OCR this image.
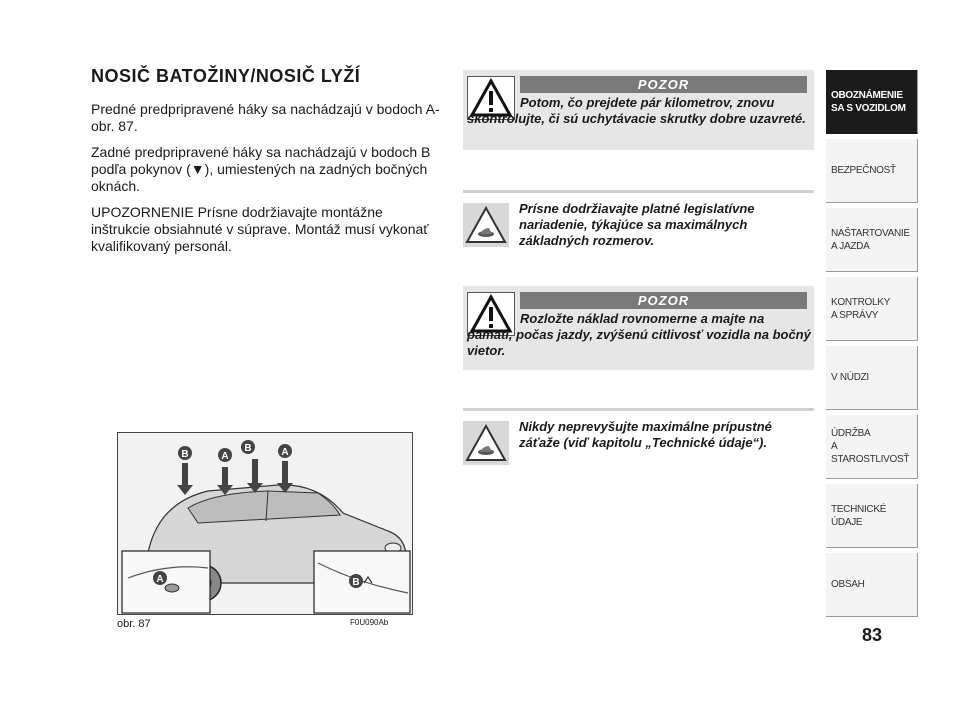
NOSIČ BATOŽINY/NOSIČ LYŽÍ

Predné predpripravené háky sa nachádzajú v bodoch A-obr. 87.

Zadné predpripravené háky sa nachádzajú v bodoch B podľa pokynov (▼), umiestených na zadných bočných oknách.

UPOZORNENIE Prísne dodržiavajte montážne inštrukcie obsiahnuté v súprave. Montáž musí vykonať kvalifikovaný personál.

B	A
B	A
A	B
obr. 87	F0U090Ab
POZOR
Potom, čo prejdete pár kilometrov, znovu skontrolujte, či sú uchytávacie skrutky dobre uzavreté.
Prísne dodržiavajte platné legislatívne nariadenie, týkajúce sa maximálnych základných rozmerov.
POZOR
Rozložte náklad rovnomerne a majte na pamäti, počas jazdy, zvýšenú citlivosť vozidla na bočný vietor.
Nikdy neprevyšujte maximálne prípustné záťaže (viď kapitolu „Technické údaje“).
OBOZNÁMENIE
SA S VOZIDLOM
BEZPEČNOSŤ
NAŠTARTOVANIE
A JAZDA
KONTROLKY
A SPRÁVY
V NÚDZI
ÚDRŽBA
A STAROSTLIVOSŤ
TECHNICKÉ
ÚDAJE
OBSAH
83
